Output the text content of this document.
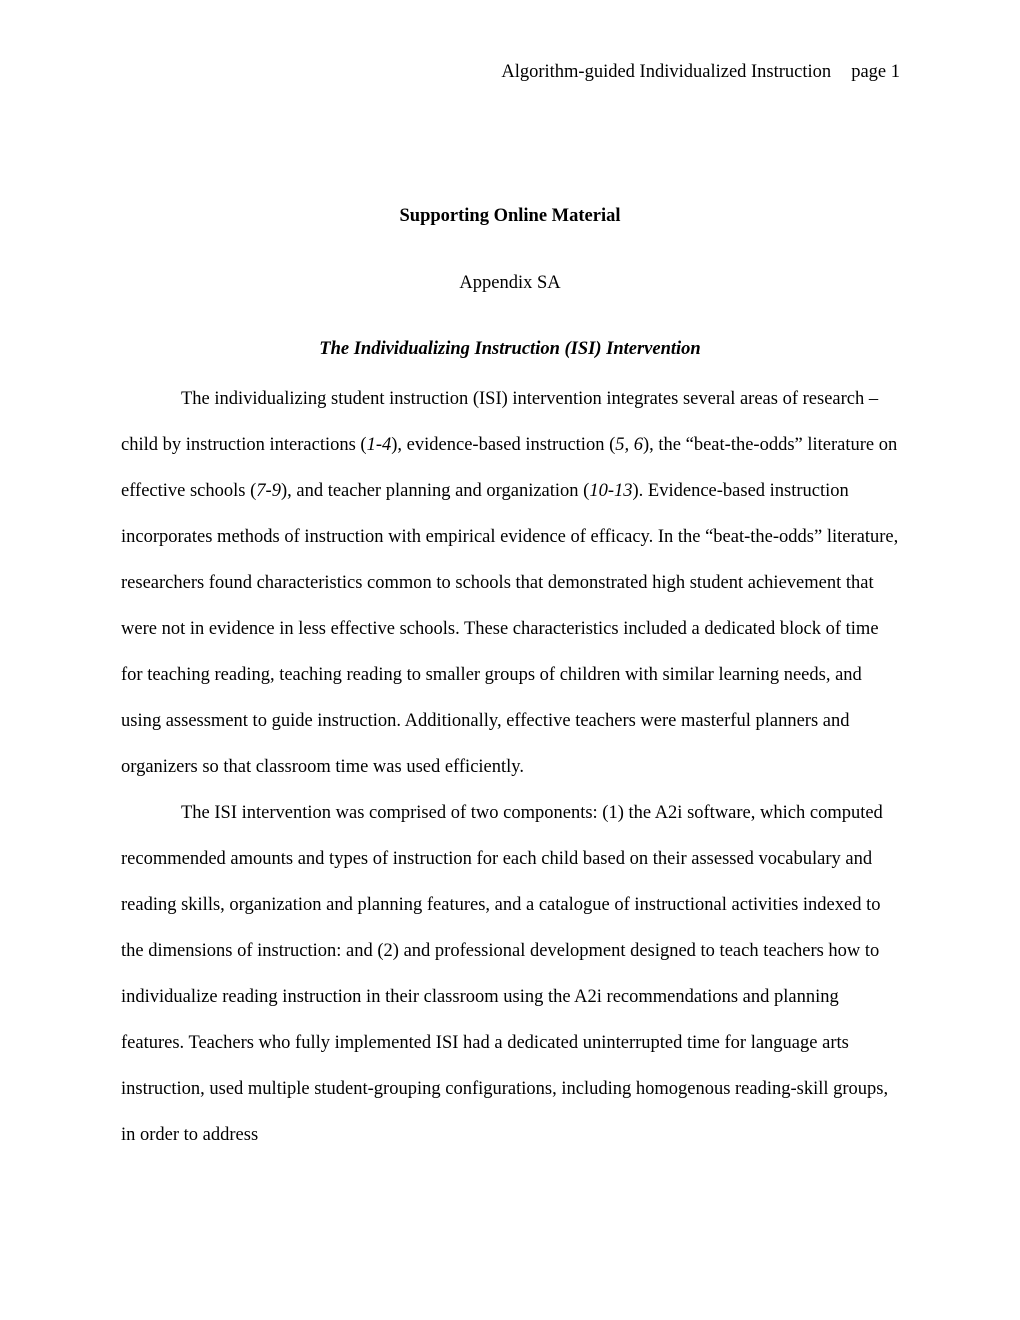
Algorithm-guided Individualized Instruction page 1
Supporting Online Material
Appendix SA
The Individualizing Instruction (ISI) Intervention

The individualizing student instruction (ISI) intervention integrates several areas of research – child by instruction interactions (1-4), evidence-based instruction (5, 6), the “beat-the-odds” literature on effective schools (7-9), and teacher planning and organization (10-13). Evidence-based instruction incorporates methods of instruction with empirical evidence of efficacy. In the “beat-the-odds” literature, researchers found characteristics common to schools that demonstrated high student achievement that were not in evidence in less effective schools. These characteristics included a dedicated block of time for teaching reading, teaching reading to smaller groups of children with similar learning needs, and using assessment to guide instruction. Additionally, effective teachers were masterful planners and organizers so that classroom time was used efficiently.

The ISI intervention was comprised of two components: (1) the A2i software, which computed recommended amounts and types of instruction for each child based on their assessed vocabulary and reading skills, organization and planning features, and a catalogue of instructional activities indexed to the dimensions of instruction: and (2) and professional development designed to teach teachers how to individualize reading instruction in their classroom using the A2i recommendations and planning features. Teachers who fully implemented ISI had a dedicated uninterrupted time for language arts instruction, used multiple student-grouping configurations, including homogenous reading-skill groups, in order to address
